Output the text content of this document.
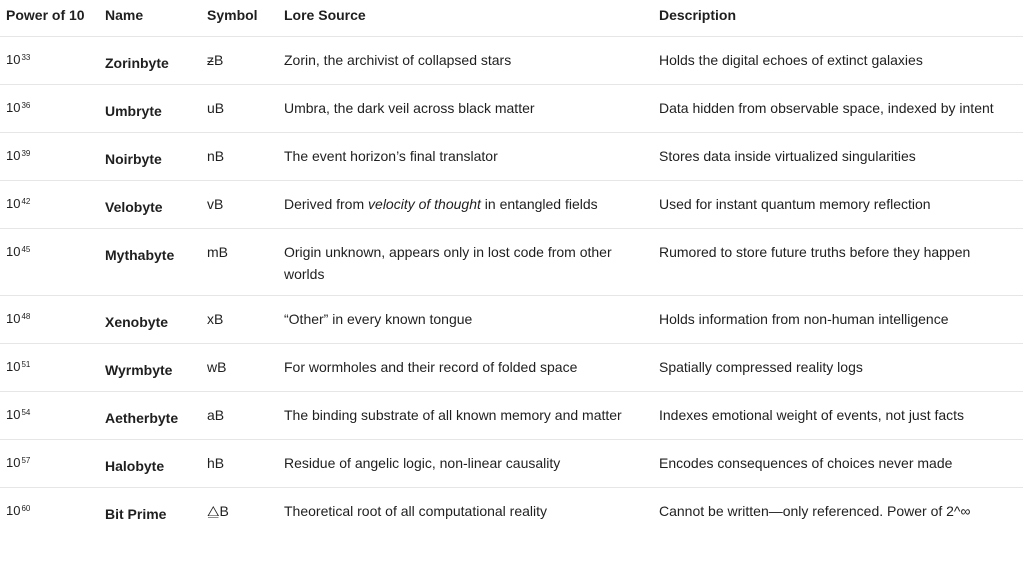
Power of 10	Name	Symbol	Lore Source	Description
$10^{33}$	Zorinbyte	ƶB	Zorin, the archivist of collapsed stars	Holds the digital echoes of extinct galaxies
$10^{36}$	Umbryte	uB	Umbra, the dark veil across black matter	Data hidden from observable space, indexed by intent
$10^{39}$	Noirbyte	nB	The event horizon’s final translator	Stores data inside virtualized singularities
$10^{42}$	Velobyte	vB	Derived from velocity of thought in entangled fields	Used for instant quantum memory reflection
$10^{45}$	Mythabyte	mB	Origin unknown, appears only in lost code from other worlds	Rumored to store future truths before they happen
$10^{48}$	Xenobyte	xB	“Other” in every known tongue	Holds information from non-human intelligence
$10^{51}$	Wyrmbyte	wB	For wormholes and their record of folded space	Spatially compressed reality logs
$10^{54}$	Aetherbyte	aB	The binding substrate of all known memory and matter	Indexes emotional weight of events, not just facts
$10^{57}$	Halobyte	hB	Residue of angelic logic, non-linear causality	Encodes consequences of choices never made
$10^{60}$	Bit Prime	⧋B	Theoretical root of all computational reality	Cannot be written—only referenced. Power of 2^∞
